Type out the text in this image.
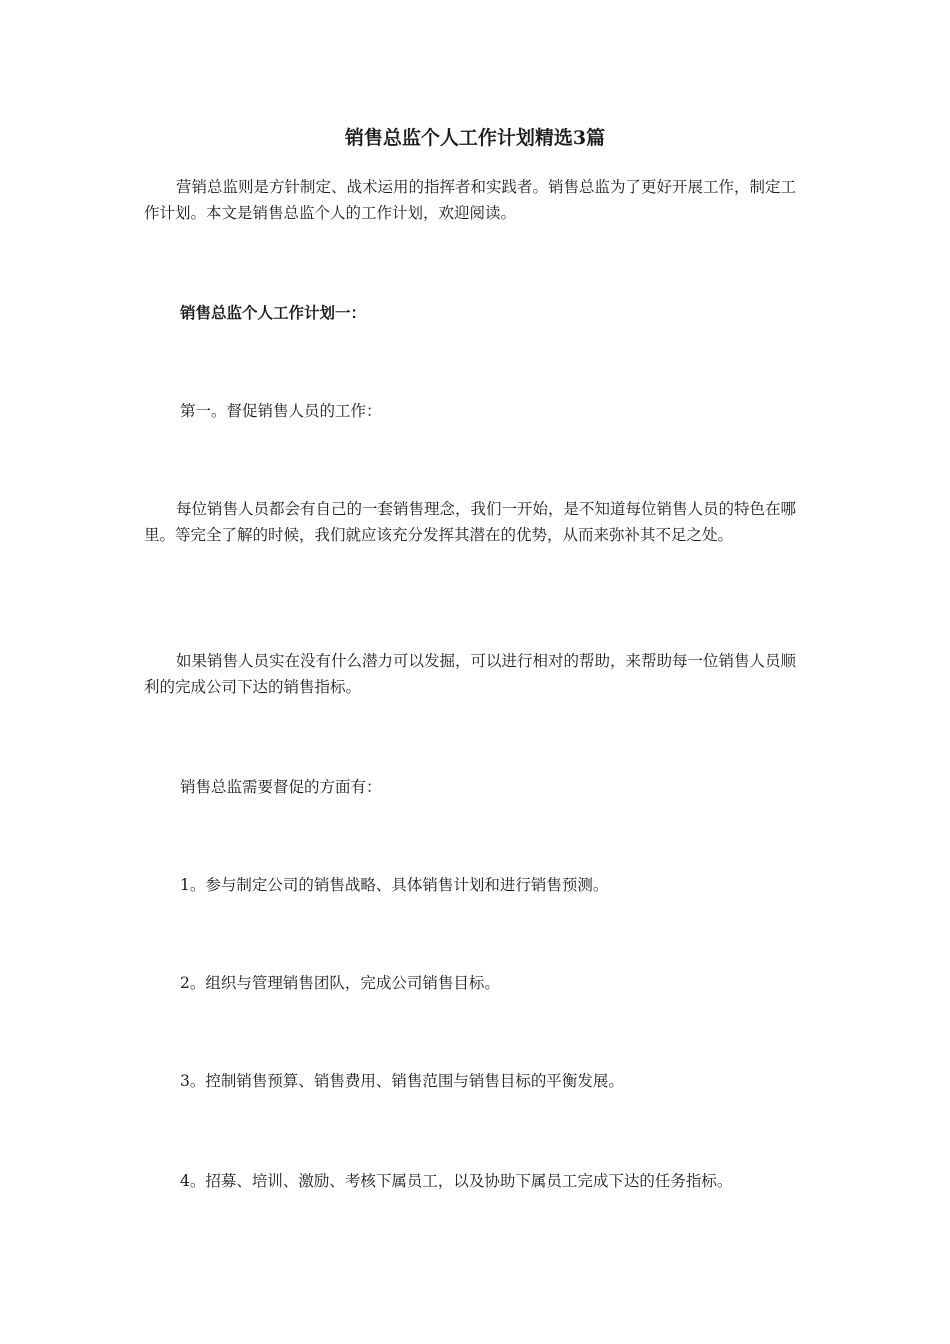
销售总监个人工作计划精选3篇

营销总监则是方针制定、战术运用的指挥者和实践者。销售总监为了更好开展工作，制定工作计划。本文是销售总监个人的工作计划，欢迎阅读。

销售总监个人工作计划一：

第一。督促销售人员的工作：

每位销售人员都会有自己的一套销售理念，我们一开始，是不知道每位销售人员的特色在哪里。等完全了解的时候，我们就应该充分发挥其潜在的优势，从而来弥补其不足之处。

如果销售人员实在没有什么潜力可以发掘，可以进行相对的帮助，来帮助每一位销售人员顺利的完成公司下达的销售指标。

销售总监需要督促的方面有：

1。参与制定公司的销售战略、具体销售计划和进行销售预测。

2。组织与管理销售团队，完成公司销售目标。

3。控制销售预算、销售费用、销售范围与销售目标的平衡发展。

4。招募、培训、激励、考核下属员工，以及协助下属员工完成下达的任务指标。
